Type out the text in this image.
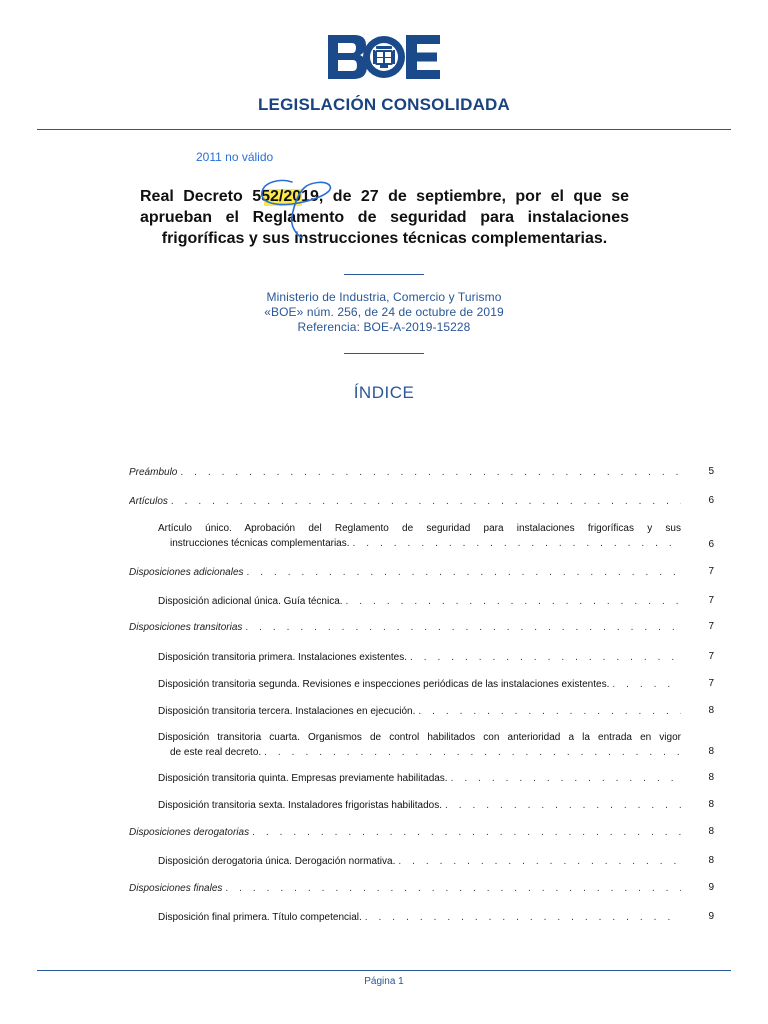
LEGISLACIÓN CONSOLIDADA
2011 no válido
Real Decreto 552/2019, de 27 de septiembre, por el que se aprueban el Reglamento de seguridad para instalaciones frigoríficas y sus instrucciones técnicas complementarias.
Ministerio de Industria, Comercio y Turismo
«BOE» núm. 256, de 24 de octubre de 2019
Referencia: BOE-A-2019-15228
ÍNDICE
Preámbulo . . .	5
Artículos . . .	6
Artículo único. Aprobación del Reglamento de seguridad para instalaciones frigoríficas y sus
instrucciones técnicas complementarias. . . .	6
Disposiciones adicionales . . .	7
Disposición adicional única. Guía técnica. . . .	7
Disposiciones transitorias . . .	7
Disposición transitoria primera. Instalaciones existentes. . . .	7
Disposición transitoria segunda. Revisiones e inspecciones periódicas de las instalaciones existentes. . . .	7
Disposición transitoria tercera. Instalaciones en ejecución. . . .	8
Disposición transitoria cuarta. Organismos de control habilitados con anterioridad a la entrada en vigor
de este real decreto. . . .	8
Disposición transitoria quinta. Empresas previamente habilitadas. . . .	8
Disposición transitoria sexta. Instaladores frigoristas habilitados. . . .	8
Disposiciones derogatorias . . .	8
Disposición derogatoria única. Derogación normativa. . . .	8
Disposiciones finales . . .	9
Disposición final primera. Título competencial. . . .	9
Página 1
